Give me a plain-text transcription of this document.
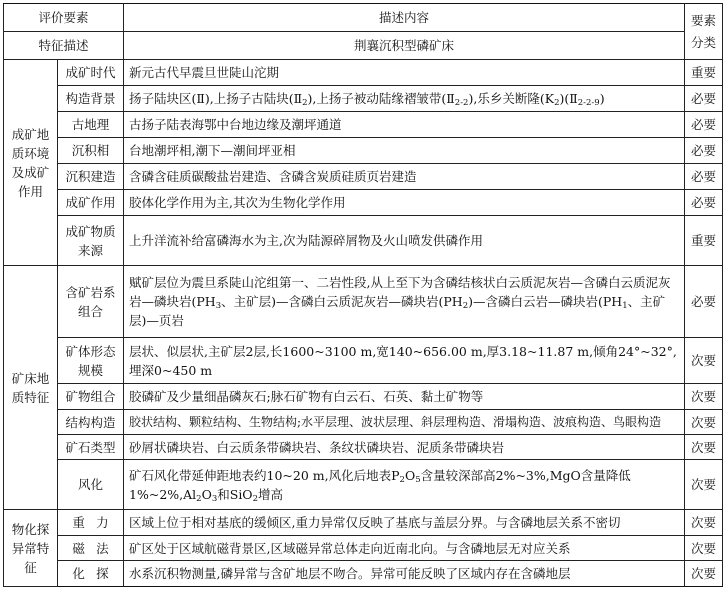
评价要素		描述内容	要素分类
特征描述		荆襄沉积型磷矿床	
成矿地质环境及成矿作用	成矿时代	新元古代早震旦世陡山沱期	重要
	构造背景	扬子陆块区(Ⅱ),上扬子古陆块$(Ⅱ_2)$,上扬子被动陆缘褶皱带$(Ⅱ_{2-2})$,乐乡关断隆$(K_2)(Ⅱ_{2-2-9})$	必要
	古地理	古扬子陆表海鄂中台地边缘及潮坪通道	必要
	沉积相	台地潮坪相,潮下—潮间坪亚相	必要
	沉积建造	含磷含硅质碳酸盐岩建造、含磷含炭质硅质页岩建造	必要
	成矿作用	胶体化学作用为主,其次为生物化学作用	必要
	成矿物质来源	上升洋流补给富磷海水为主,次为陆源碎屑物及火山喷发供磷作用	重要
矿床地质特征	含矿岩系组合	赋矿层位为震旦系陡山沱组第一、二岩性段,从上至下为含磷结核状白云质泥灰岩—含磷白云质泥灰岩—磷块岩($PH_3$、主矿层)—含磷白云质泥灰岩—磷块岩$(PH_2)—$含磷白云岩—磷块岩($PH_1$、主矿层)—页岩	必要
	矿体形态规模	层状、似层状,主矿层2层,长1600~3100 m,宽140~656.00 m,厚3.18~11.87 m,倾角24°~32°,埋深0~450 m	次要
	矿物组合	胶磷矿及少量细晶磷灰石;脉石矿物有白云石、石英、黏土矿物等	次要
	结构构造	胶状结构、颗粒结构、生物结构;水平层理、波状层理、斜层理构造、滑塌构造、波痕构造、鸟眼构造	次要
	矿石类型	砂屑状磷块岩、白云质条带磷块岩、条纹状磷块岩、泥质条带磷块岩	次要
	风化	矿石风化带延伸距地表约10~20 m,风化后地表$P_2O_5$含量较深部高2%~3%,MgO含量降低$1\%\sim 2\%,Al_2O_3$和SiO$_2$增高	次要
物化探异常特征	重力	区域上位于相对基底的缓倾区,重力异常仅反映了基底与盖层分界。与含磷地层关系不密切	次要
	磁法	矿区处于区域航磁背景区,区域磁异常总体走向近南北向。与含磷地层无对应关系	次要
	化探	水系沉积物测量,磷异常与含矿地层不吻合。异常可能反映了区域内存在含磷地层	次要
